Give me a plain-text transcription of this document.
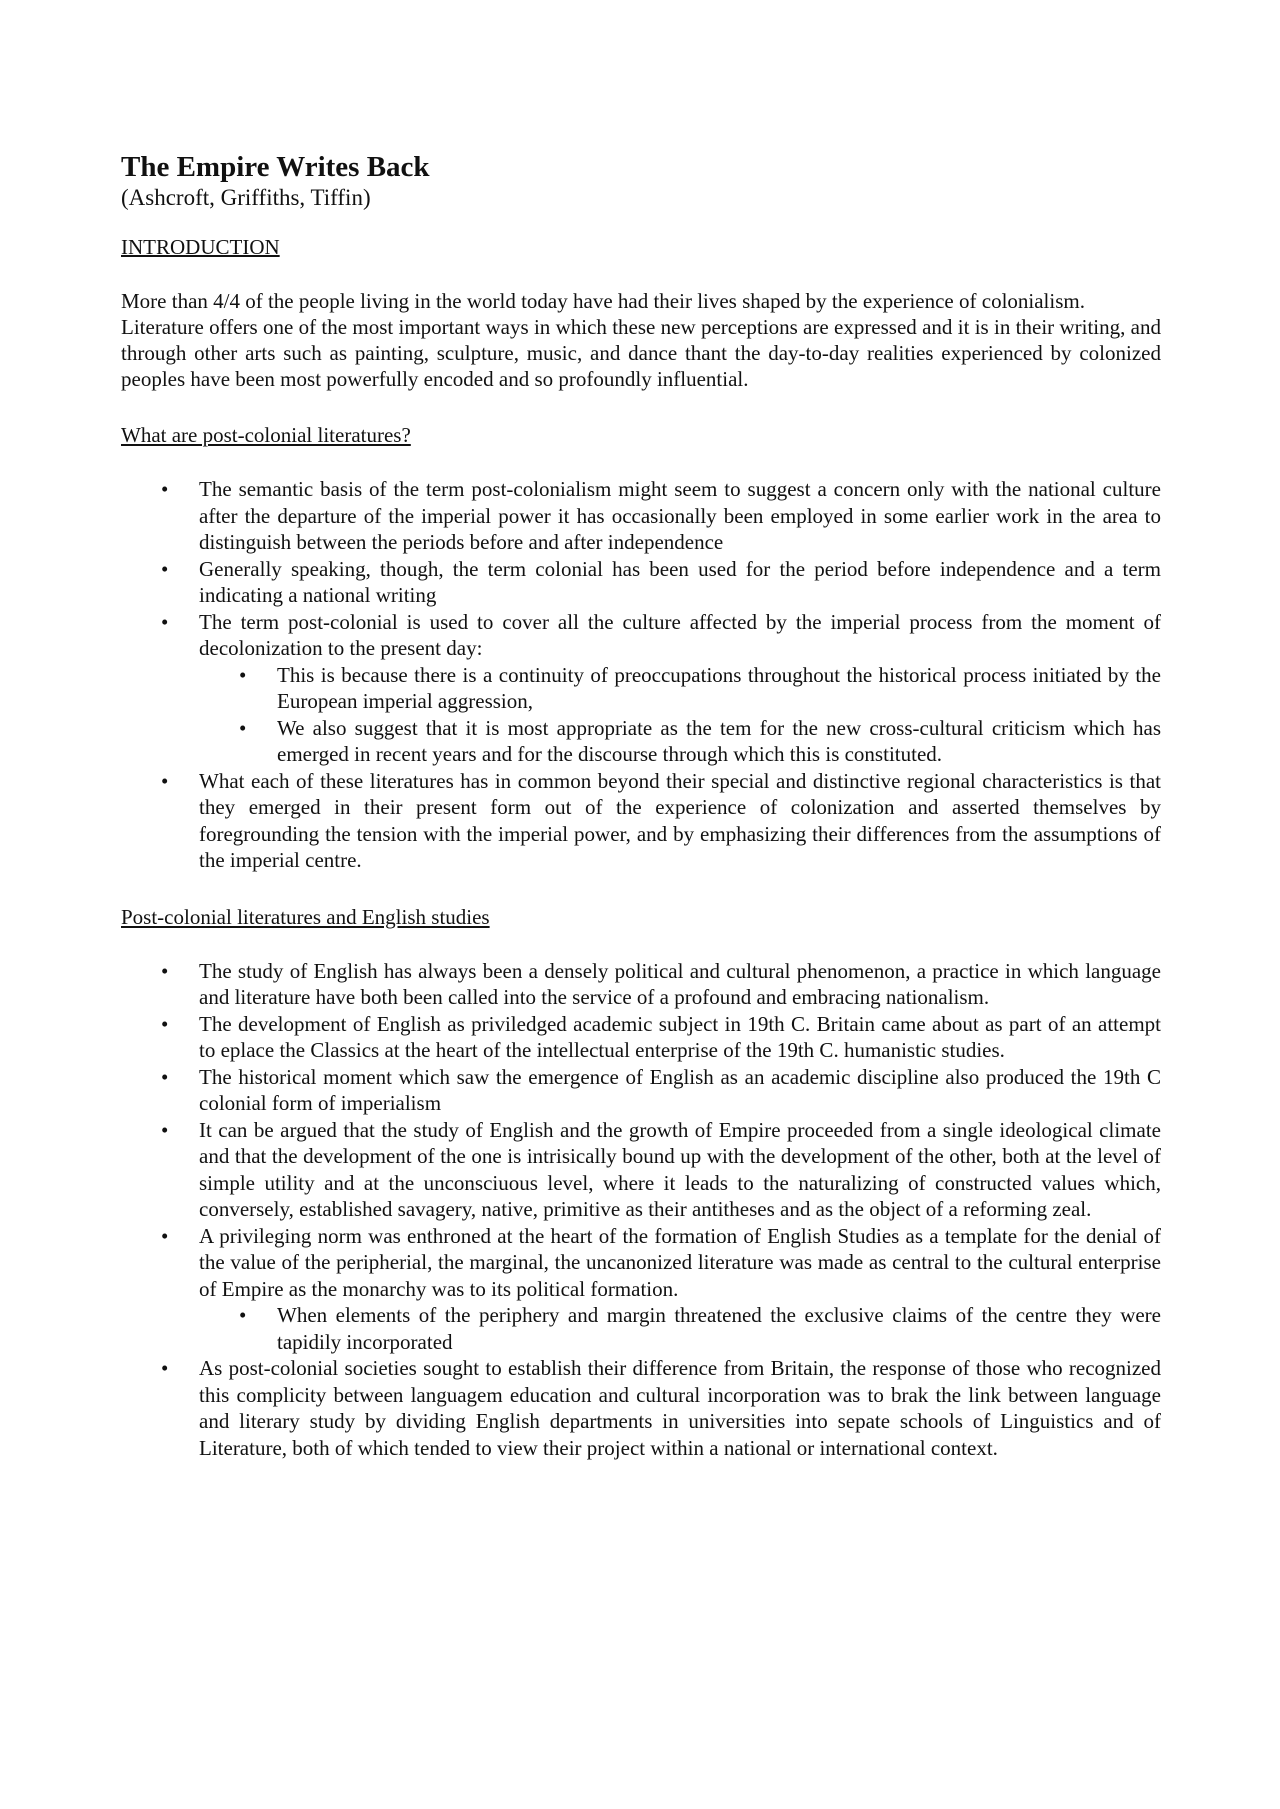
The Empire Writes Back
(Ashcroft, Griffiths, Tiffin)
INTRODUCTION

More than 4/4 of the people living in the world today have had their lives shaped by the experience of colonialism.

Literature offers one of the most important ways in which these new perceptions are expressed and it is in their writing, and through other arts such as painting, sculpture, music, and dance thant the day-to-day realities experienced by colonized peoples have been most powerfully encoded and so profoundly influential.

What are post-colonial literatures?
• The semantic basis of the term post-colonialism might seem to suggest a concern only with the national culture after the departure of the imperial power it has occasionally been employed in some earlier work in the area to distinguish between the periods before and after independence
• Generally speaking, though, the term colonial has been used for the period before independence and a term indicating a national writing
• The term post-colonial is used to cover all the culture affected by the imperial process from the moment of decolonization to the present day:
• This is because there is a continuity of preoccupations throughout the historical process initiated by the European imperial aggression,
• We also suggest that it is most appropriate as the tem for the new cross-cultural criticism which has emerged in recent years and for the discourse through which this is constituted.
• What each of these literatures has in common beyond their special and distinctive regional characteristics is that they emerged in their present form out of the experience of colonization and asserted themselves by foregrounding the tension with the imperial power, and by emphasizing their differences from the assumptions of the imperial centre.
Post-colonial literatures and English studies
• The study of English has always been a densely political and cultural phenomenon, a practice in which language and literature have both been called into the service of a profound and embracing nationalism.
• The development of English as priviledged academic subject in 19th C. Britain came about as part of an attempt to eplace the Classics at the heart of the intellectual enterprise of the 19th C. humanistic studies.
• The historical moment which saw the emergence of English as an academic discipline also produced the 19th C colonial form of imperialism
• It can be argued that the study of English and the growth of Empire proceeded from a single ideological climate and that the development of the one is intrisically bound up with the development of the other, both at the level of simple utility and at the unconsciuous level, where it leads to the naturalizing of constructed values which, conversely, established savagery, native, primitive as their antitheses and as the object of a reforming zeal.
• A privileging norm was enthroned at the heart of the formation of English Studies as a template for the denial of the value of the peripherial, the marginal, the uncanonized literature was made as central to the cultural enterprise of Empire as the monarchy was to its political formation.
• When elements of the periphery and margin threatened the exclusive claims of the centre they were tapidily incorporated
• As post-colonial societies sought to establish their difference from Britain, the response of those who recognized this complicity between languagem education and cultural incorporation was to brak the link between language and literary study by dividing English departments in universities into sepate schools of Linguistics and of Literature, both of which tended to view their project within a national or international context.
